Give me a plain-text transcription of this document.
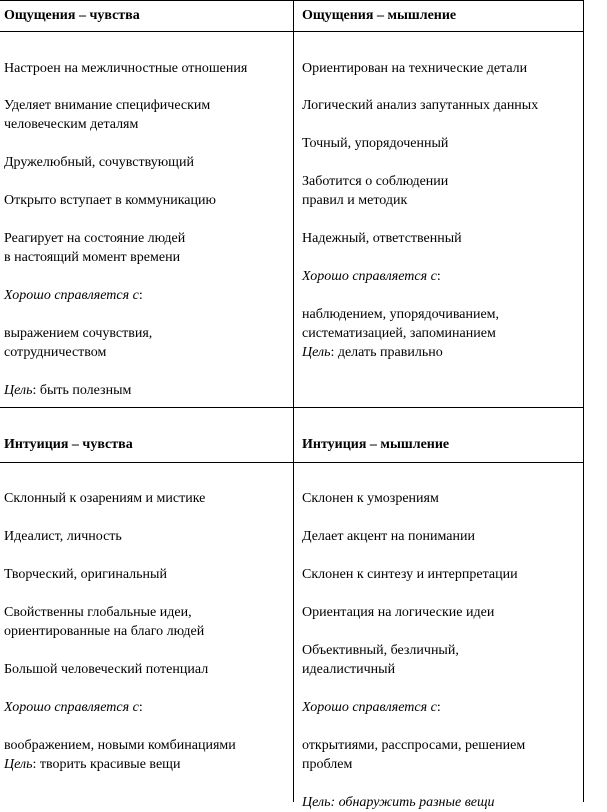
Ощущения – чувства
Настроен на межличностные отношения
Уделяет внимание специфическим
человеческим деталям
Дружелюбный, сочувствующий
Открыто вступает в коммуникацию
Реагирует на состояние людей
в настоящий момент времени
Хорошо справляется с:
выражением сочувствия,
сотрудничеством
Цель: быть полезным
Ощущения – мышление
Ориентирован на технические детали
Логический анализ запутанных данных
Точный, упорядоченный
Заботится о соблюдении
правил и методик
Надежный, ответственный
Хорошо справляется с:
наблюдением, упорядочиванием,
систематизацией, запоминанием
Цель: делать правильно
Интуиция – чувства
Склонный к озарениям и мистике
Идеалист, личность
Творческий, оригинальный
Свойственны глобальные идеи,
ориентированные на благо людей
Большой человеческий потенциал
Хорошо справляется с:
воображением, новыми комбинациями
Цель: творить красивые вещи
Интуиция – мышление
Склонен к умозрениям
Делает акцент на понимании
Склонен к синтезу и интерпретации
Ориентация на логические идеи
Объективный, безличный,
идеалистичный
Хорошо справляется с:
открытиями, расспросами, решением
проблем
Цель: обнаружить разные вещи
